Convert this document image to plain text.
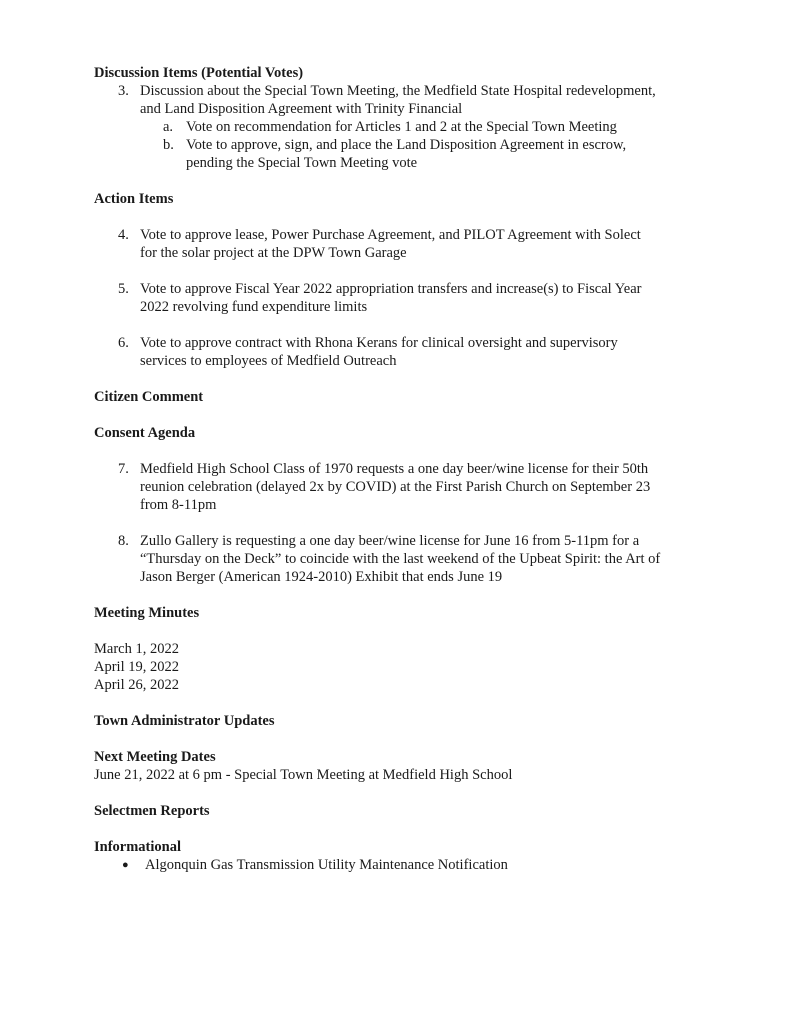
Discussion Items (Potential Votes)
3. Discussion about the Special Town Meeting, the Medfield State Hospital redevelopment,
and Land Disposition Agreement with Trinity Financial
a. Vote on recommendation for Articles 1 and 2 at the Special Town Meeting
b. Vote to approve, sign, and place the Land Disposition Agreement in escrow,
pending the Special Town Meeting vote
Action Items
4. Vote to approve lease, Power Purchase Agreement, and PILOT Agreement with Solect
for the solar project at the DPW Town Garage
5. Vote to approve Fiscal Year 2022 appropriation transfers and increase(s) to Fiscal Year
2022 revolving fund expenditure limits
6. Vote to approve contract with Rhona Kerans for clinical oversight and supervisory
services to employees of Medfield Outreach
Citizen Comment
Consent Agenda
7. Medfield High School Class of 1970 requests a one day beer/wine license for their 50th
reunion celebration (delayed 2x by COVID) at the First Parish Church on September 23
from 8-11pm
8. Zullo Gallery is requesting a one day beer/wine license for June 16 from 5-11pm for a
“Thursday on the Deck” to coincide with the last weekend of the Upbeat Spirit: the Art of
Jason Berger (American 1924-2010) Exhibit that ends June 19
Meeting Minutes
March 1, 2022
April 19, 2022
April 26, 2022
Town Administrator Updates
Next Meeting Dates
June 21, 2022 at 6 pm - Special Town Meeting at Medfield High School
Selectmen Reports
Informational
●	Algonquin Gas Transmission Utility Maintenance Notification
